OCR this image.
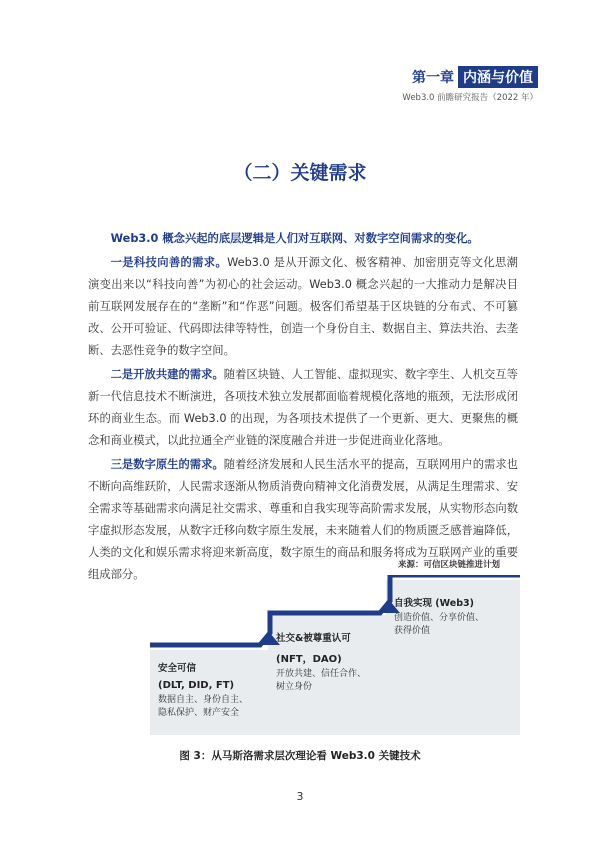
第一章 内涵与价值
Web3.0 前瞻研究报告（2022 年）
（二）关键需求

Web3.0 概念兴起的底层逻辑是人们对互联网、对数字空间需求的变化。

一是科技向善的需求。Web3.0 是从开源文化、极客精神、加密朋克等文化思潮演变出来以“科技向善”为初心的社会运动。Web3.0 概念兴起的一大推动力是解决目前互联网发展存在的“垄断”和“作恶”问题。极客们希望基于区块链的分布式、不可篡改、公开可验证、代码即法律等特性，创造一个身份自主、数据自主、算法共治、去垄断、去恶性竞争的数字空间。

二是开放共建的需求。随着区块链、人工智能、虚拟现实、数字孪生、人机交互等新一代信息技术不断演进，各项技术独立发展都面临着规模化落地的瓶颈，无法形成闭环的商业生态。而 Web3.0 的出现，为各项技术提供了一个更新、更大、更聚焦的概念和商业模式，以此拉通全产业链的深度融合并进一步促进商业化落地。

三是数字原生的需求。随着经济发展和人民生活水平的提高，互联网用户的需求也不断向高维跃阶，人民需求逐渐从物质消费向精神文化消费发展，从满足生理需求、安全需求等基础需求向满足社交需求、尊重和自我实现等高阶需求发展，从实物形态向数字虚拟形态发展，从数字迁移向数字原生发展，未来随着人们的物质匮乏感普遍降低，人类的文化和娱乐需求将迎来新高度，数字原生的商品和服务将成为互联网产业的重要组成部分。

来源：可信区块链推进计划
安全可信
(DLT, DID, FT)
数据自主、身份自主、
隐私保护、财产安全
社交&被尊重认可
(NFT，DAO)
开放共建、信任合作、
树立身份
自我实现 (Web3)
创造价值、分享价值、
获得价值
图 3：从马斯洛需求层次理论看 Web3.0 关键技术
3
